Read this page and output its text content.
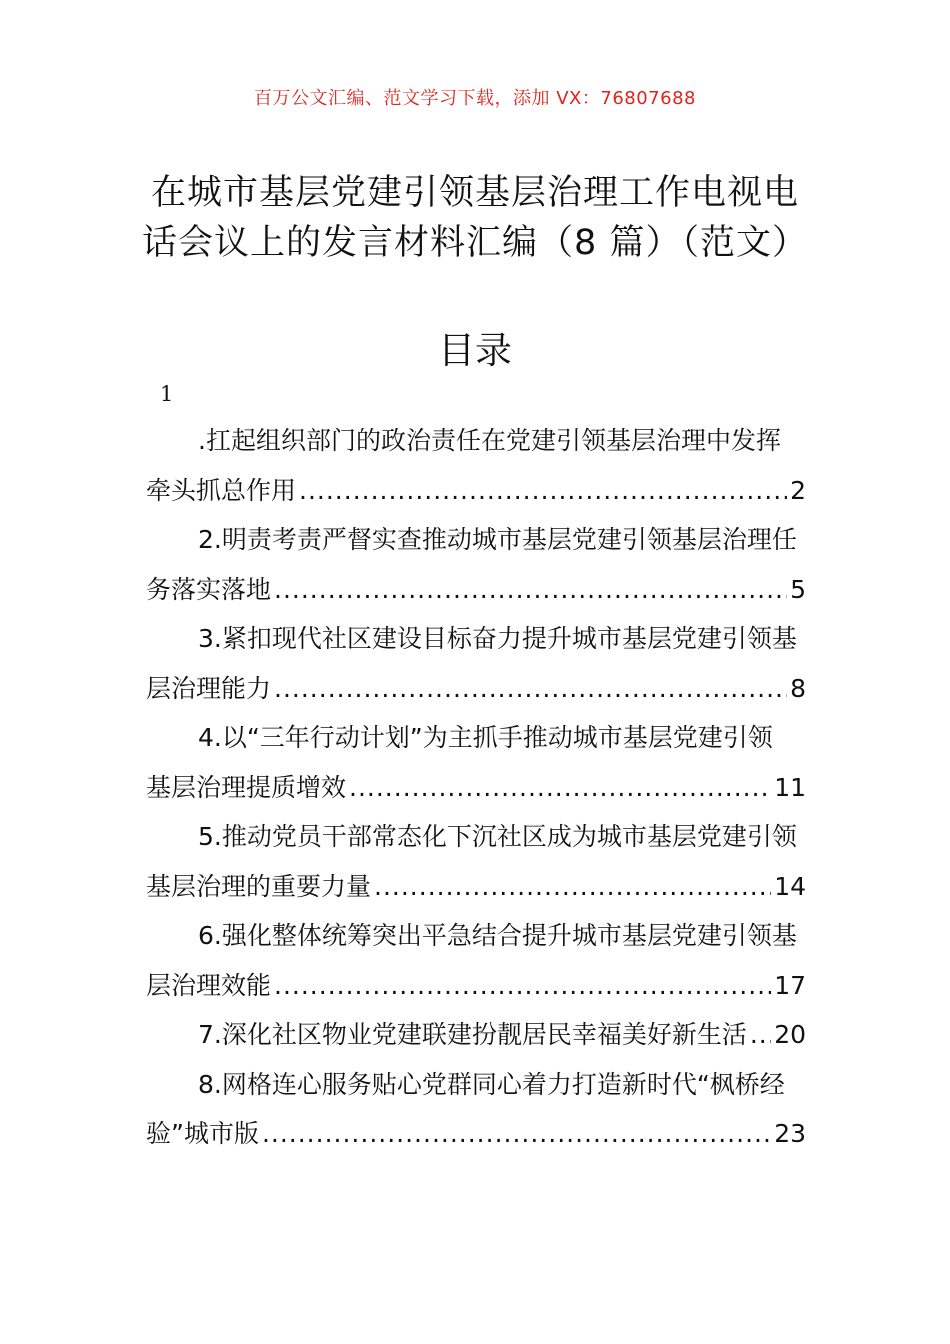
百万公文汇编、范文学习下载，添加 VX：76807688
在城市基层党建引领基层治理工作电视电
话会议上的发言材料汇编（8 篇）（范文）
目录
1
.扛起组织部门的政治责任在党建引领基层治理中发挥
牵头抓总作用 .....	2
2.明责考责严督实查推动城市基层党建引领基层治理任
务落实落地 .....	5
3.紧扣现代社区建设目标奋力提升城市基层党建引领基
层治理能力 .....	8
4.以“三年行动计划”为主抓手推动城市基层党建引领
基层治理提质增效 .....	11
5.推动党员干部常态化下沉社区成为城市基层党建引领
基层治理的重要力量 .....	14
6.强化整体统筹突出平急结合提升城市基层党建引领基
层治理效能 .....	17
7.深化社区物业党建联建扮靓居民幸福美好新生活 ..... 20
8.网格连心服务贴心党群同心着力打造新时代“枫桥经
验”城市版 .....	23
